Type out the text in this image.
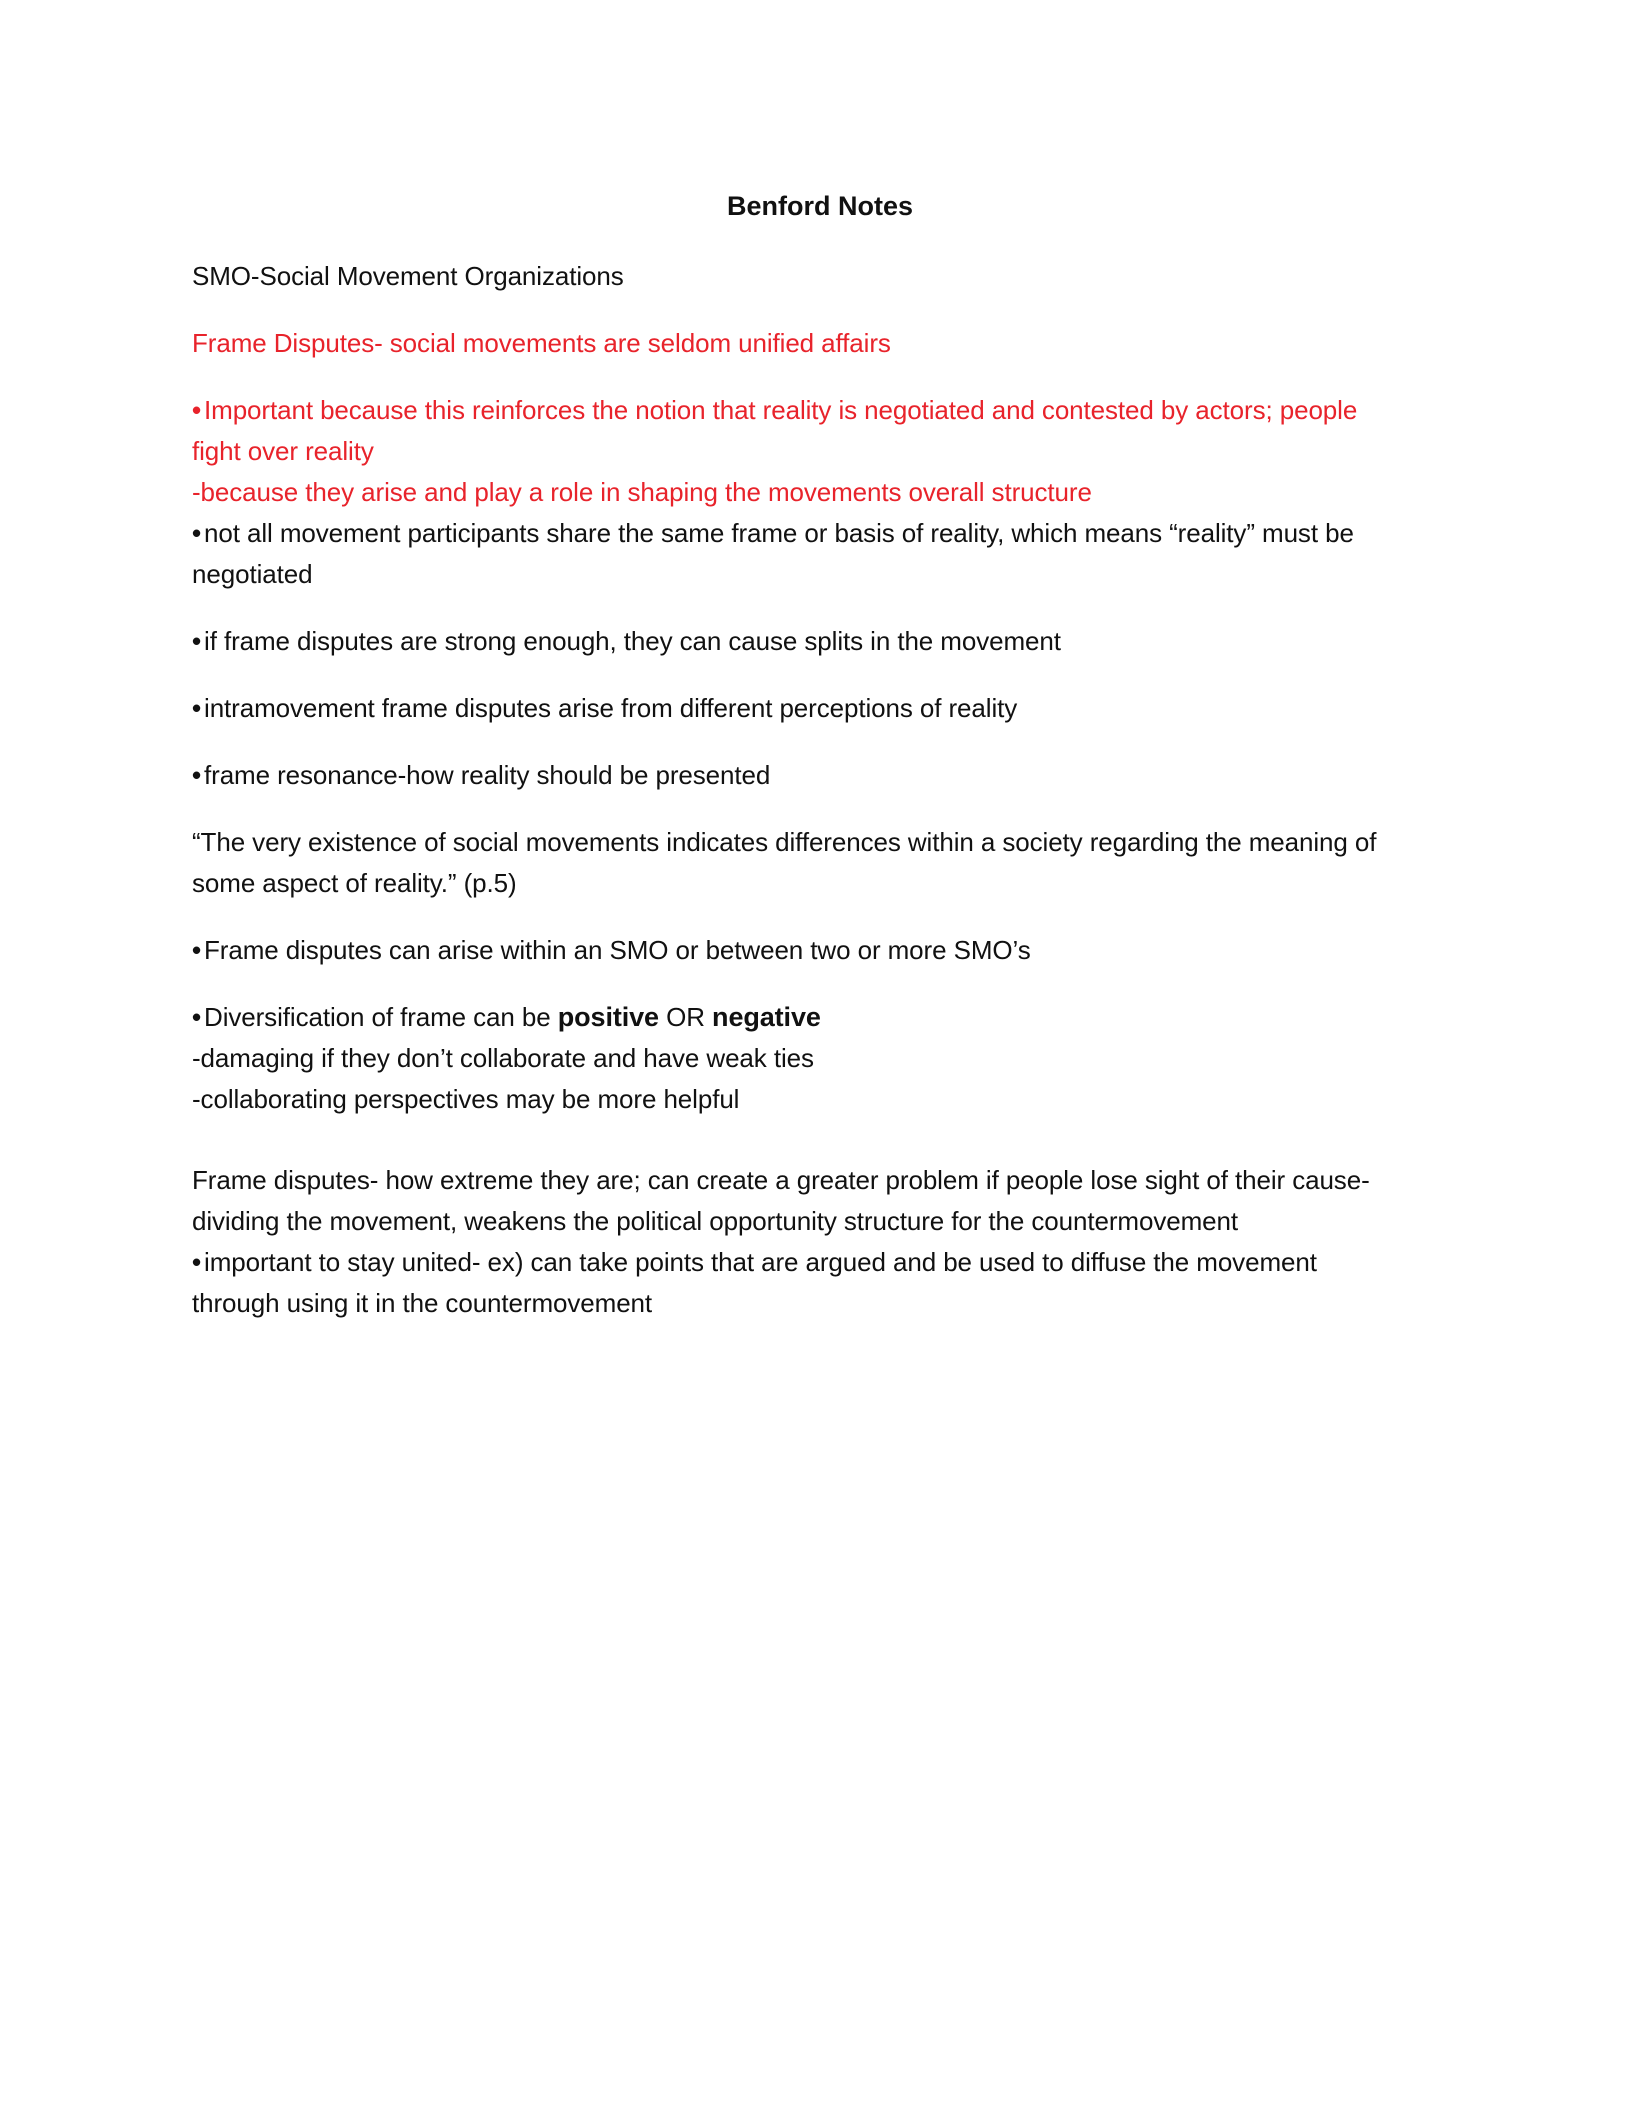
Benford Notes
SMO-Social Movement Organizations
Frame Disputes- social movements are seldom unified affairs
• Important because this reinforces the notion that reality is negotiated and contested by actors; people
fight over reality
-because they arise and play a role in shaping the movements overall structure
• not all movement participants share the same frame or basis of reality, which means “reality” must be
negotiated
• if frame disputes are strong enough, they can cause splits in the movement
• intramovement frame disputes arise from different perceptions of reality
• frame resonance-how reality should be presented
“The very existence of social movements indicates differences within a society regarding the meaning of
some aspect of reality.” (p.5)
• Frame disputes can arise within an SMO or between two or more SMO’s
• Diversification of frame can be positive OR negative
-damaging if they don’t collaborate and have weak ties
-collaborating perspectives may be more helpful
Frame disputes- how extreme they are; can create a greater problem if people lose sight of their cause-
dividing the movement, weakens the political opportunity structure for the countermovement
• important to stay united- ex) can take points that are argued and be used to diffuse the movement
through using it in the countermovement
